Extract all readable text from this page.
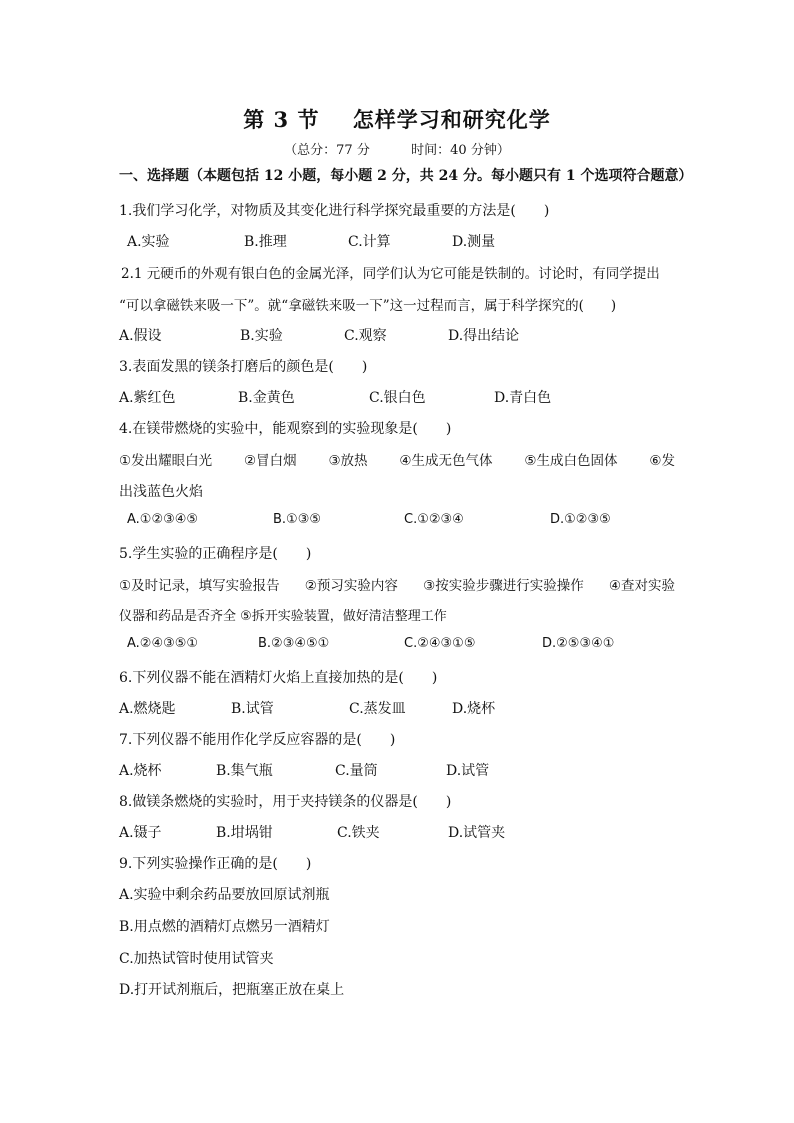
第 3 节    怎样学习和研究化学
（总分：77 分          时间：40 分钟）
一、选择题（本题包括 12 小题，每小题 2 分，共 24 分。每小题只有 1 个选项符合题意）
1.我们学习化学，对物质及其变化进行科学探究最重要的方法是(　　)
A.实验	B.推理	C.计算	D.测量
2.1 元硬币的外观有银白色的金属光泽，同学们认为它可能是铁制的。讨论时，有同学提出
“可以拿磁铁来吸一下”。就“拿磁铁来吸一下”这一过程而言，属于科学探究的(　　)
A.假设	B.实验	C.观察	D.得出结论
3.表面发黑的镁条打磨后的颜色是(　　)
A.紫红色	B.金黄色	C.银白色	D.青白色
4.在镁带燃烧的实验中，能观察到的实验现象是(　　)
①发出耀眼白光 ②冒白烟 ③放热 ④生成无色气体 ⑤生成白色固体 ⑥发
出浅蓝色火焰
A.①②③④⑤	B.①③⑤	C.①②③④	D.①②③⑤
5.学生实验的正确程序是(　　)
①及时记录，填写实验报告 ②预习实验内容 ③按实验步骤进行实验操作 ④查对实验
仪器和药品是否齐全 ⑤拆开实验装置，做好清洁整理工作
A.②④③⑤①	B.②③④⑤①	C.②④③①⑤	D.②⑤③④①
6.下列仪器不能在酒精灯火焰上直接加热的是(　　)
A.燃烧匙	B.试管	C.蒸发皿	D.烧杯
7.下列仪器不能用作化学反应容器的是(　　)
A.烧杯	B.集气瓶	C.量筒	D.试管
8.做镁条燃烧的实验时，用于夹持镁条的仪器是(　　)
A.镊子	B.坩埚钳	C.铁夹	D.试管夹
9.下列实验操作正确的是(　　)
A.实验中剩余药品要放回原试剂瓶
B.用点燃的酒精灯点燃另一酒精灯
C.加热试管时使用试管夹
D.打开试剂瓶后，把瓶塞正放在桌上
